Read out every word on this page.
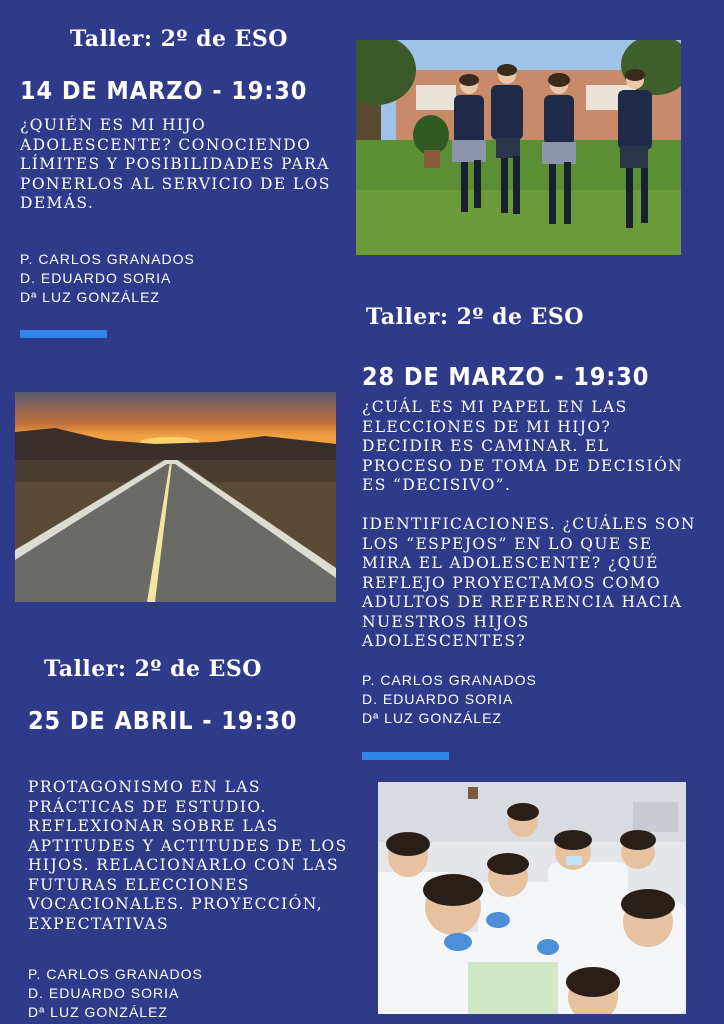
Taller: 2º de ESO
14 DE MARZO - 19:30
¿QUIÉN ES MI HIJO ADOLESCENTE? CONOCIENDO LÍMITES Y POSIBILIDADES PARA PONERLOS AL SERVICIO DE LOS DEMÁS.
P. CARLOS GRANADOS
D. EDUARDO SORIA
Dª LUZ GONZÁLEZ
Taller: 2º de ESO
28 DE MARZO - 19:30
¿CUÁL ES MI PAPEL EN LAS ELECCIONES DE MI HIJO? DECIDIR ES CAMINAR. EL PROCESO DE TOMA DE DECISIÓN ES “DECISIVO”.
IDENTIFICACIONES. ¿CUÁLES SON LOS “ESPEJOS” EN LO QUE SE MIRA EL ADOLESCENTE? ¿QUÉ REFLEJO PROYECTAMOS COMO ADULTOS DE REFERENCIA HACIA NUESTROS HIJOS ADOLESCENTES?
P. CARLOS GRANADOS
D. EDUARDO SORIA
Dª LUZ GONZÁLEZ
Taller: 2º de ESO
25 DE ABRIL - 19:30
PROTAGONISMO EN LAS PRÁCTICAS DE ESTUDIO. REFLEXIONAR SOBRE LAS APTITUDES Y ACTITUDES DE LOS HIJOS. RELACIONARLO CON LAS FUTURAS ELECCIONES VOCACIONALES. PROYECCIÓN, EXPECTATIVAS
P. CARLOS GRANADOS
D. EDUARDO SORIA
Dª LUZ GONZÁLEZ
